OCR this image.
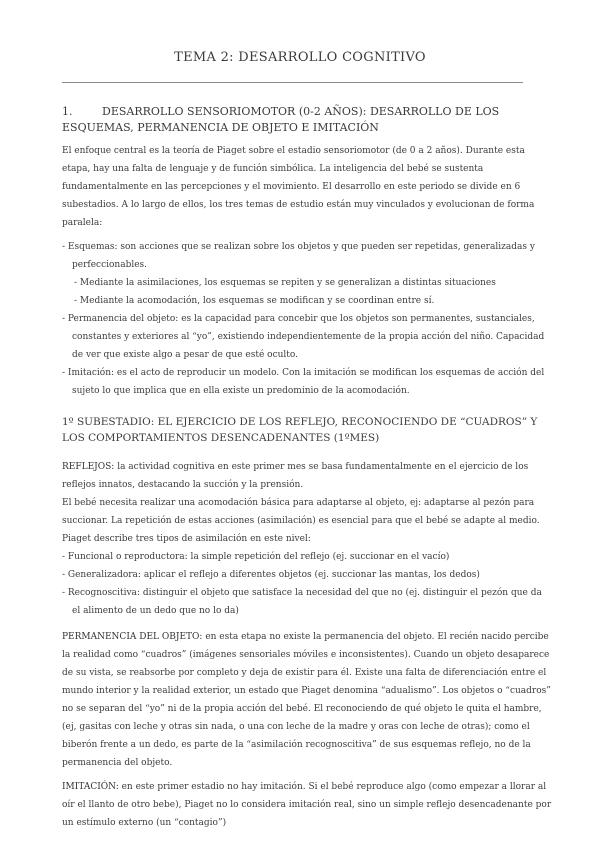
TEMA 2: DESARROLLO COGNITIVO

1.	DESARROLLO SENSORIOMOTOR (0-2 AÑOS): DESARROLLO DE LOS ESQUEMAS, PERMANENCIA DE OBJETO E IMITACIÓN

El enfoque central es la teoría de Piaget sobre el estadio sensoriomotor (de 0 a 2 años). Durante esta etapa, hay una falta de lenguaje y de función simbólica. La inteligencia del bebé se sustenta fundamentalmente en las percepciones y el movimiento. El desarrollo en este periodo se divide en 6 subestadios. A lo largo de ellos, los tres temas de estudio están muy vinculados y evolucionan de forma paralela:

- Esquemas: son acciones que se realizan sobre los objetos y que pueden ser repetidas, generalizadas y perfeccionables.
- Mediante la asimilaciones, los esquemas se repiten y se generalizan a distintas situaciones
- Mediante la acomodación, los esquemas se modifican y se coordinan entre sí.
- Permanencia del objeto: es la capacidad para concebir que los objetos son permanentes, sustanciales, constantes y exteriores al “yo”, existiendo independientemente de la propia acción del niño. Capacidad de ver que existe algo a pesar de que esté oculto.
- Imitación: es el acto de reproducir un modelo. Con la imitación se modifican los esquemas de acción del sujeto lo que implica que en ella existe un predominio de la acomodación.

1º SUBESTADIO: EL EJERCICIO DE LOS REFLEJO, RECONOCIENDO DE “CUADROS” Y LOS COMPORTAMIENTOS DESENCADENANTES (1ºMES)

REFLEJOS: la actividad cognitiva en este primer mes se basa fundamentalmente en el ejercicio de los reflejos innatos, destacando la succión y la prensión.

El bebé necesita realizar una acomodación básica para adaptarse al objeto, ej: adaptarse al pezón para succionar. La repetición de estas acciones (asimilación) es esencial para que el bebé se adapte al medio. Piaget describe tres tipos de asimilación en este nivel:

- Funcional o reproductora: la simple repetición del reflejo (ej. succionar en el vacío)
- Generalizadora: aplicar el reflejo a diferentes objetos (ej. succionar las mantas, los dedos)
- Recognoscitiva: distinguir el objeto que satisface la necesidad del que no (ej. distinguir el pezón que da el alimento de un dedo que no lo da)

PERMANENCIA DEL OBJETO: en esta etapa no existe la permanencia del objeto. El recién nacido percibe la realidad como “cuadros” (imágenes sensoriales móviles e inconsistentes). Cuando un objeto desaparece de su vista, se reabsorbe por completo y deja de existir para él. Existe una falta de diferenciación entre el mundo interior y la realidad exterior, un estado que Piaget denomina “adualismo”. Los objetos o “cuadros” no se separan del “yo” ni de la propia acción del bebé. El reconociendo de qué objeto le quita el hambre, (ej, gasitas con leche y otras sin nada, o una con leche de la madre y oras con leche de otras); como el biberón frente a un dedo, es parte de la “asimilación recognoscitiva” de sus esquemas reflejo, no de la permanencia del objeto.

IMITACIÓN: en este primer estadio no hay imitación. Si el bebé reproduce algo (como empezar a llorar al oír el llanto de otro bebe), Piaget no lo considera imitación real, sino un simple reflejo desencadenante por un estímulo externo (un “contagio”)
